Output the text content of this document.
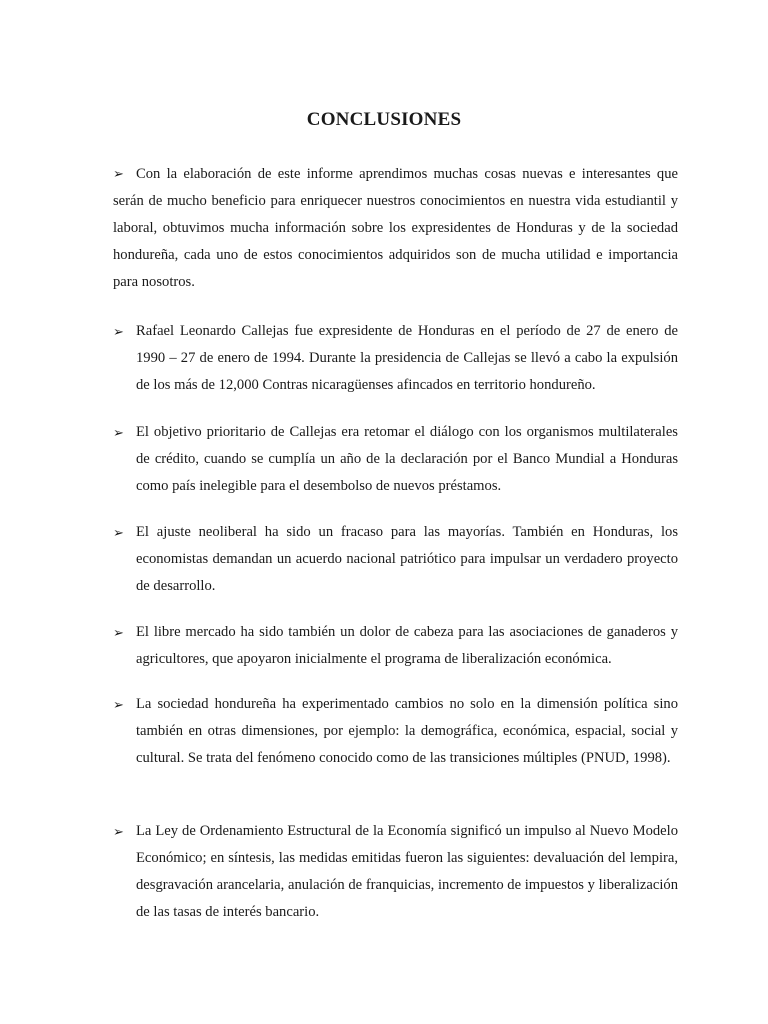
CONCLUSIONES
➢ Con la elaboración de este informe aprendimos muchas cosas nuevas e interesantes que serán de mucho beneficio para enriquecer nuestros conocimientos en nuestra vida estudiantil y laboral, obtuvimos mucha información sobre los expresidentes de Honduras y de la sociedad hondureña, cada uno de estos conocimientos adquiridos son de mucha utilidad e importancia para nosotros.
➢ Rafael Leonardo Callejas fue expresidente de Honduras en el período de 27 de enero de 1990 – 27 de enero de 1994. Durante la presidencia de Callejas se llevó a cabo la expulsión de los más de 12,000 Contras nicaragüenses afincados en territorio hondureño.
➢ El objetivo prioritario de Callejas era retomar el diálogo con los organismos multilaterales de crédito, cuando se cumplía un año de la declaración por el Banco Mundial a Honduras como país inelegible para el desembolso de nuevos préstamos.
➢ El ajuste neoliberal ha sido un fracaso para las mayorías. También en Honduras, los economistas demandan un acuerdo nacional patriótico para impulsar un verdadero proyecto de desarrollo.
➢ El libre mercado ha sido también un dolor de cabeza para las asociaciones de ganaderos y agricultores, que apoyaron inicialmente el programa de liberalización económica.
➢ La sociedad hondureña ha experimentado cambios no solo en la dimensión política sino también en otras dimensiones, por ejemplo: la demográfica, económica, espacial, social y cultural. Se trata del fenómeno conocido como de las transiciones múltiples (PNUD, 1998).
➢ La Ley de Ordenamiento Estructural de la Economía significó un impulso al Nuevo Modelo Económico; en síntesis, las medidas emitidas fueron las siguientes: devaluación del lempira, desgravación arancelaria, anulación de franquicias, incremento de impuestos y liberalización de las tasas de interés bancario.
